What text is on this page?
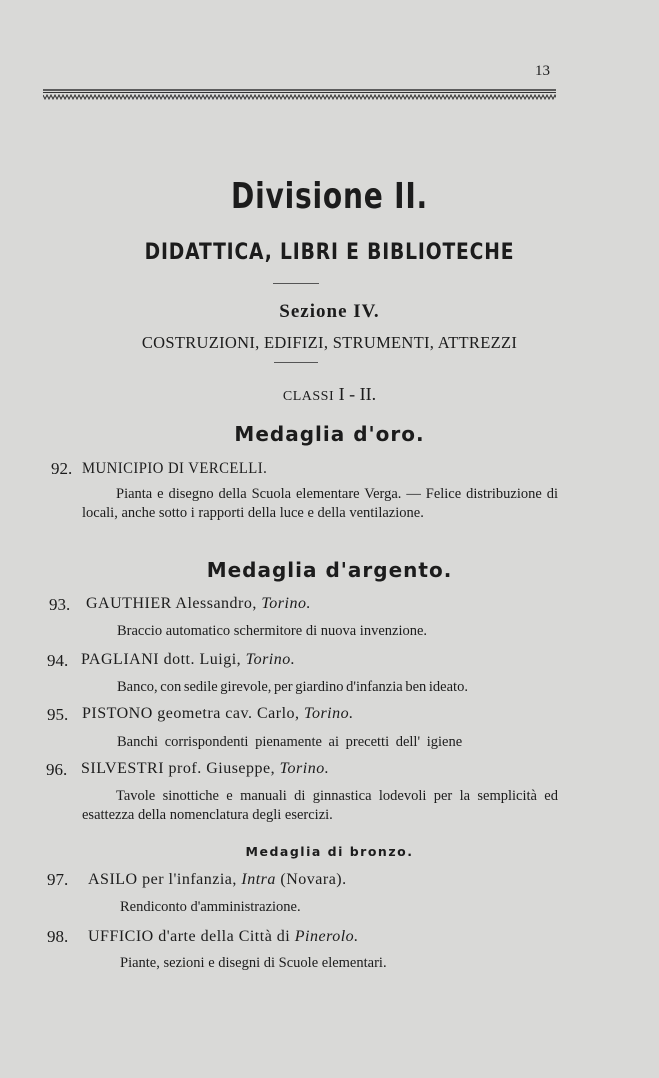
13
Divisione II.
DIDATTICA, LIBRI E BIBLIOTECHE
Sezione IV.
COSTRUZIONI, EDIFIZI, STRUMENTI, ATTREZZI
CLASSI I - II.
Medaglia d'oro.
92. MUNICIPIO DI VERCELLI.
Pianta e disegno della Scuola elementare Verga. — Felice distribuzione di locali, anche sotto i rapporti della luce e della ventilazione.
Medaglia d'argento.
93. GAUTHIER Alessandro, Torino.
Braccio automatico schermitore di nuova invenzione.
94. PAGLIANI dott. Luigi, Torino.
Banco, con sedile girevole, per giardino d'infanzia ben ideato.
95. PISTONO geometra cav. Carlo, Torino.
Banchi corrispondenti pienamente ai precetti dell' igiene
96. SILVESTRI prof. Giuseppe, Torino.
Tavole sinottiche e manuali di ginnastica lodevoli per la semplicità ed esattezza della nomenclatura degli esercizi.
Medaglia di bronzo.
97. ASILO per l'infanzia, Intra (Novara).
Rendiconto d'amministrazione.
98. UFFICIO d'arte della Città di Pinerolo.
Piante, sezioni e disegni di Scuole elementari.
